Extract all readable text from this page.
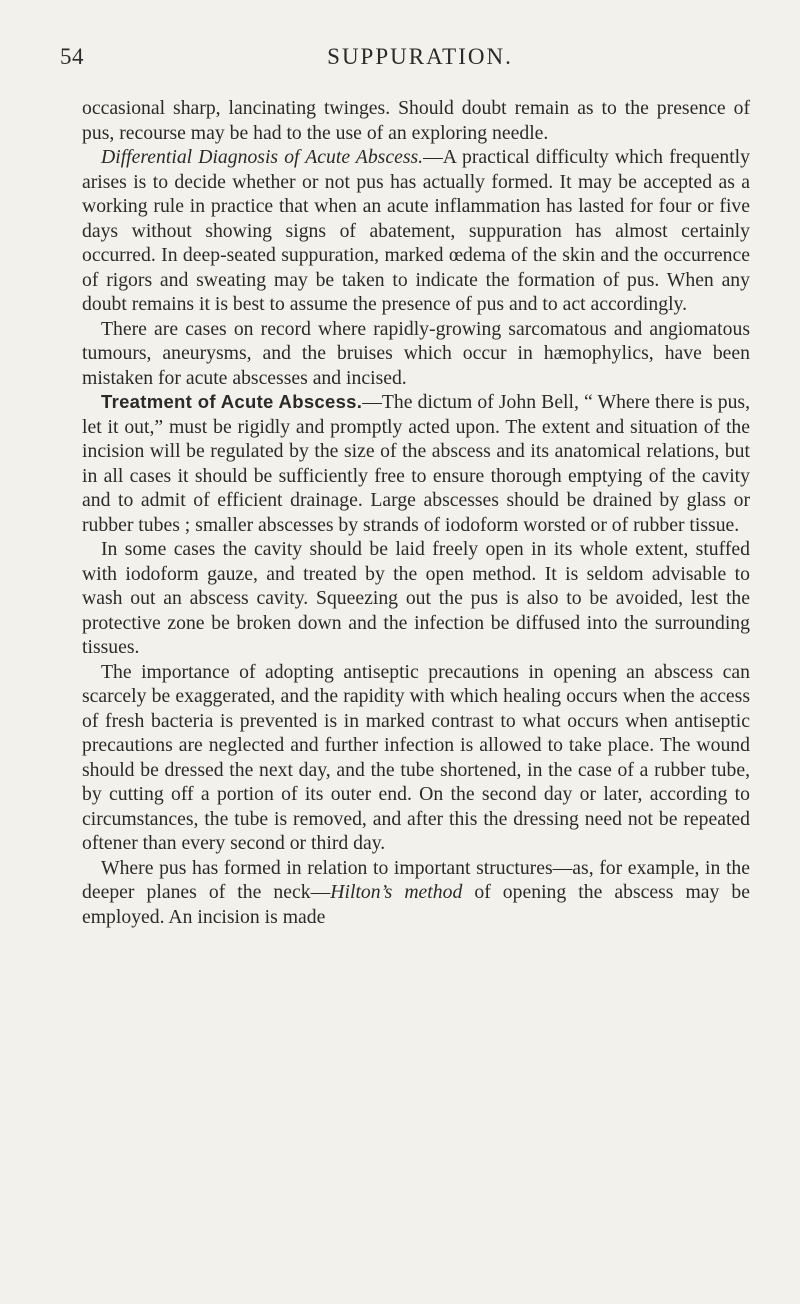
54	SUPPURATION.

occasional sharp, lancinating twinges. Should doubt remain as to the presence of pus, recourse may be had to the use of an exploring needle.

Differential Diagnosis of Acute Abscess.—A practical difficulty which frequently arises is to decide whether or not pus has actually formed. It may be accepted as a working rule in practice that when an acute inflammation has lasted for four or five days without showing signs of abatement, suppuration has almost certainly occurred. In deep-seated suppuration, marked œdema of the skin and the occurrence of rigors and sweating may be taken to indicate the formation of pus. When any doubt remains it is best to assume the presence of pus and to act accordingly.

There are cases on record where rapidly-growing sarcomatous and angiomatous tumours, aneurysms, and the bruises which occur in hæmophylics, have been mistaken for acute abscesses and incised.

Treatment of Acute Abscess.—The dictum of John Bell, “ Where there is pus, let it out,” must be rigidly and promptly acted upon. The extent and situation of the incision will be regulated by the size of the abscess and its anatomical relations, but in all cases it should be sufficiently free to ensure thorough emptying of the cavity and to admit of efficient drainage. Large abscesses should be drained by glass or rubber tubes ; smaller abscesses by strands of iodoform worsted or of rubber tissue.

In some cases the cavity should be laid freely open in its whole extent, stuffed with iodoform gauze, and treated by the open method. It is seldom advisable to wash out an abscess cavity. Squeezing out the pus is also to be avoided, lest the protective zone be broken down and the infection be diffused into the surrounding tissues.

The importance of adopting antiseptic precautions in opening an abscess can scarcely be exaggerated, and the rapidity with which healing occurs when the access of fresh bacteria is prevented is in marked contrast to what occurs when antiseptic precautions are neglected and further infection is allowed to take place. The wound should be dressed the next day, and the tube shortened, in the case of a rubber tube, by cutting off a portion of its outer end. On the second day or later, according to circumstances, the tube is removed, and after this the dressing need not be repeated oftener than every second or third day.

Where pus has formed in relation to important structures—as, for example, in the deeper planes of the neck—Hilton’s method of opening the abscess may be employed. An incision is made
